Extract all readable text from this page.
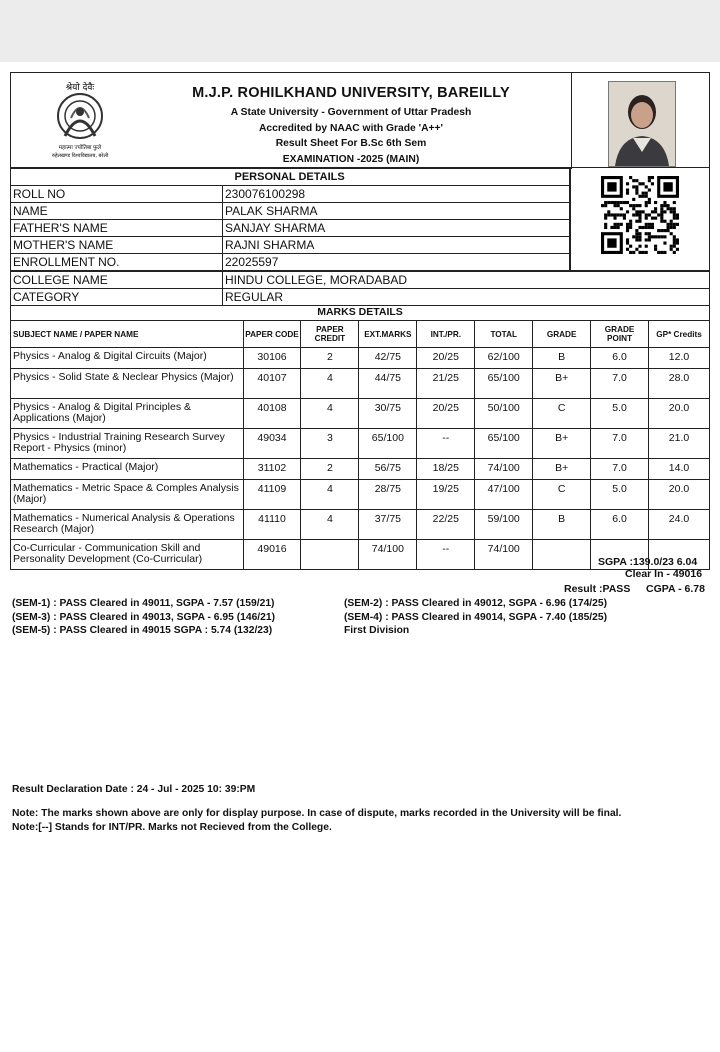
श्रेयो देवैः
महात्मा ज्योतिबा फुले
रुहेलखण्ड विश्वविद्यालय, बरेली
M.J.P. ROHILKHAND UNIVERSITY, BAREILLY
A State University - Government of Uttar Pradesh
Accredited by NAAC with Grade 'A++'
Result Sheet For B.Sc 6th Sem
EXAMINATION -2025 (MAIN)
	PERSONAL DETAILS
ROLL NO	230076100298
NAME	PALAK SHARMA
FATHER'S NAME	SANJAY SHARMA
MOTHER'S NAME	RAJNI SHARMA
ENROLLMENT NO.	22025597
COLLEGE NAME	HINDU COLLEGE, MORADABAD
CATEGORY	REGULAR
MARKS DETAILS								
SUBJECT NAME / PAPER NAME	PAPER CODE	PAPER CREDIT	EXT.MARKS	INT./PR.	TOTAL	GRADE	GRADE POINT	GP* Credits
Physics - Analog & Digital Circuits (Major)	30106	2	42/75	20/25	62/100	B	6.0	12.0
Physics - Solid State & Neclear Physics (Major)	40107	4	44/75	21/25	65/100	B+	7.0	28.0
Physics - Analog & Digital Principles & Applications (Major)	40108	4	30/75	20/25	50/100	C	5.0	20.0
Physics - Industrial Training Research Survey Report - Physics (minor)	49034	3	65/100	--	65/100	B+	7.0	21.0
Mathematics - Practical (Major)	31102	2	56/75	18/25	74/100	B+	7.0	14.0
Mathematics - Metric Space & Comples Analysis (Major)	41109	4	28/75	19/25	47/100	C	5.0	20.0
Mathematics - Numerical Analysis & Operations Research (Major)	41110	4	37/75	22/25	59/100	B	6.0	24.0
Co-Curricular - Communication Skill and Personality Development (Co-Curricular)	49016		74/100	--	74/100			
SGPA :139.0/23 6.04
Clear In - 49016
Result :PASS CGPA - 6.78
(SEM-1) : PASS Cleared in 49011, SGPA - 7.57 (159/21)	(SEM-2) : PASS Cleared in 49012, SGPA - 6.96 (174/25)
(SEM-3) : PASS Cleared in 49013, SGPA - 6.95 (146/21)	(SEM-4) : PASS Cleared in 49014, SGPA - 7.40 (185/25)
(SEM-5) : PASS Cleared in 49015 SGPA : 5.74 (132/23)	First Division
Result Declaration Date : 24 - Jul - 2025 10: 39:PM
Note: The marks shown above are only for display purpose. In case of dispute, marks recorded in the University will be final.
Note:[--] Stands for INT/PR. Marks not Recieved from the College.
